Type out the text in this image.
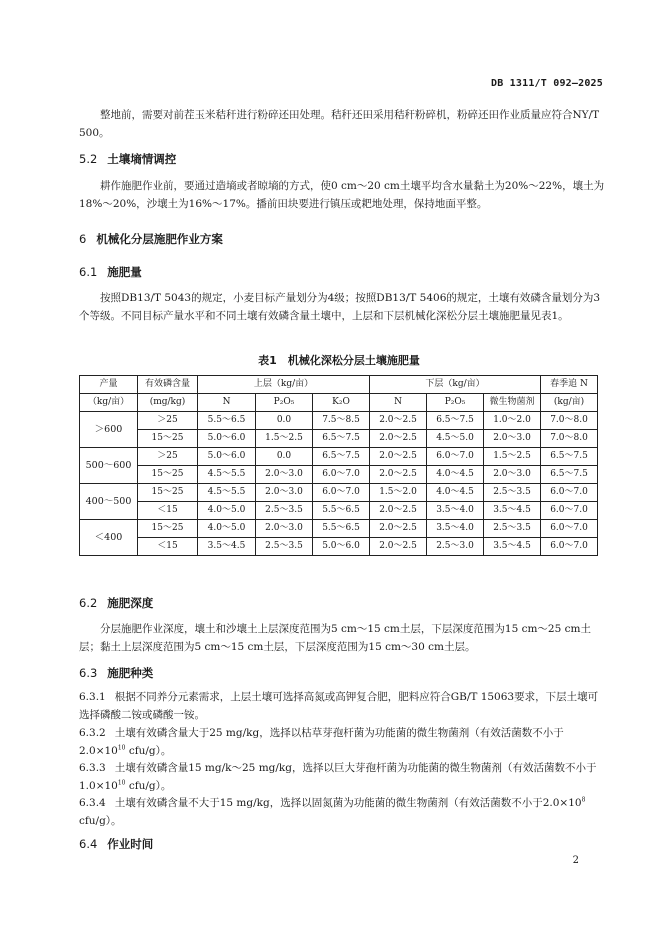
DB 1311/T 092—2025

整地前，需要对前茬玉米秸秆进行粉碎还田处理。秸秆还田采用秸秆粉碎机，粉碎还田作业质量应符合NY/T 500。

5.2 土壤墒情调控

耕作施肥作业前，要通过造墒或者晾墒的方式，使0 cm～20 cm土壤平均含水量黏土为20%～22%，壤土为18%～20%，沙壤土为16%～17%。播前田块要进行镇压或耙地处理，保持地面平整。

6 机械化分层施肥作业方案
6.1 施肥量

按照DB13/T 5043的规定，小麦目标产量划分为4级；按照DB13/T 5406的规定，土壤有效磷含量划分为3个等级。不同目标产量水平和不同土壤有效磷含量土壤中，上层和下层机械化深松分层土壤施肥量见表1。

表1　机械化深松分层土壤施肥量
产量	有效磷含量	上层（kg/亩）			下层（kg/亩）			春季追 N
（kg/亩）	(mg/kg)	N	P₂O₅	K₂O	N	P₂O₅	微生物菌剂	(kg/亩)
＞600	＞25	5.5～6.5	0.0	7.5～8.5	2.0～2.5	6.5～7.5	1.0～2.0	7.0～8.0
	15～25	5.0～6.0	1.5～2.5	6.5～7.5	2.0～2.5	4.5～5.0	2.0～3.0	7.0～8.0
500～600	＞25	5.0～6.0	0.0	6.5～7.5	2.0～2.5	6.0～7.0	1.5～2.5	6.5～7.5
	15～25	4.5～5.5	2.0～3.0	6.0～7.0	2.0～2.5	4.0～4.5	2.0～3.0	6.5～7.5
400～500	15～25	4.5～5.5	2.0～3.0	6.0～7.0	1.5～2.0	4.0～4.5	2.5～3.5	6.0～7.0
	＜15	4.0～5.0	2.5～3.5	5.5～6.5	2.0～2.5	3.5～4.0	3.5～4.5	6.0～7.0
＜400	15～25	4.0～5.0	2.0～3.0	5.5～6.5	2.0～2.5	3.5～4.0	2.5～3.5	6.0～7.0
	＜15	3.5～4.5	2.5～3.5	5.0～6.0	2.0～2.5	2.5～3.0	3.5～4.5	6.0～7.0
6.2 施肥深度

分层施肥作业深度，壤土和沙壤土上层深度范围为5 cm～15 cm土层，下层深度范围为15 cm～25 cm土层；黏土上层深度范围为5 cm～15 cm土层，下层深度范围为15 cm～30 cm土层。

6.3 施肥种类

6.3.1 根据不同养分元素需求，上层土壤可选择高氮或高钾复合肥，肥料应符合GB/T 15063要求，下层土壤可选择磷酸二铵或磷酸一铵。

6.3.2 土壤有效磷含量大于25 mg/kg，选择以枯草芽孢杆菌为功能菌的微生物菌剂（有效活菌数不小于$2.0\times 10^{10}$ cfu/g）。

6.3.3 土壤有效磷含量15 mg/k～25 mg/kg，选择以巨大芽孢杆菌为功能菌的微生物菌剂（有效活菌数不小于$1.0\times 10^{10}$ cfu/g）。

6.3.4 土壤有效磷含量不大于15 mg/kg，选择以固氮菌为功能菌的微生物菌剂（有效活菌数不小于$2.0\times 10^8$ cfu/g）。

6.4 作业时间
2
